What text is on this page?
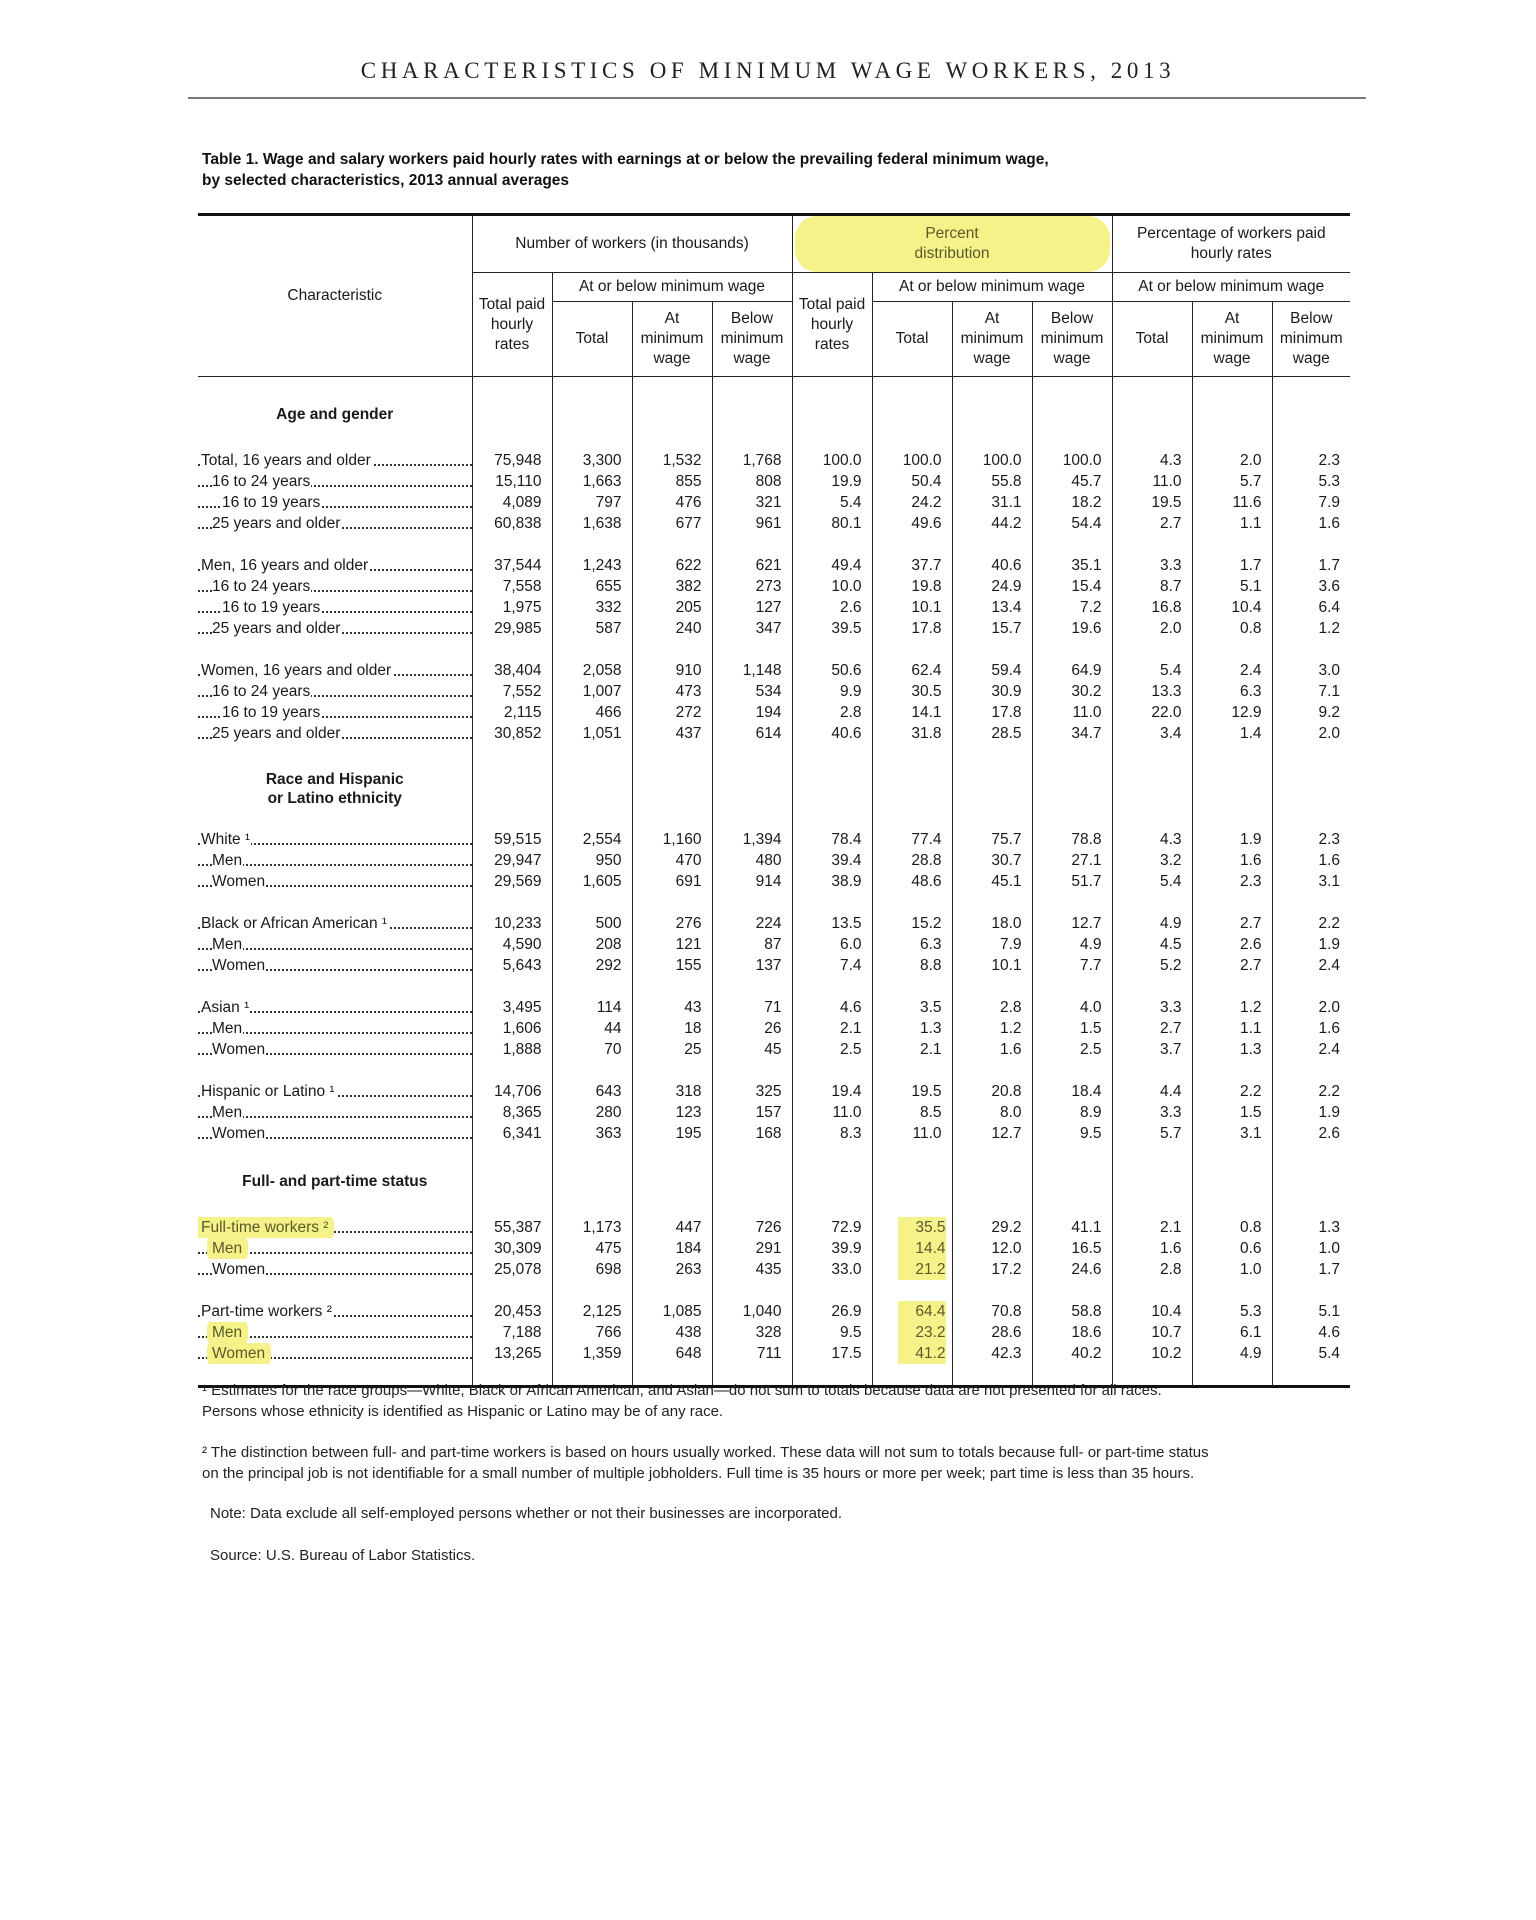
CHARACTERISTICS OF MINIMUM WAGE WORKERS, 2013
Table 1. Wage and salary workers paid hourly rates with earnings at or below the prevailing federal minimum wage,
by selected characteristics, 2013 annual averages
Characteristic	Number of workers (in thousands)				Percent distribution				Percentage of workers paid hourly rates		
	Total paid hourly rates	At or below minimum wage			Total paid hourly rates	At or below minimum wage			At or below minimum wage		
		Total	At minimum wage	Below minimum wage		Total	At minimum wage	Below minimum wage	Total	At minimum wage	Below minimum wage

Age and gender											

Total, 16 years and older	75,948	3,300	1,532	1,768	100.0	100.0	100.0	100.0	4.3	2.0	2.3
16 to 24 years	15,110	1,663	855	808	19.9	50.4	55.8	45.7	11.0	5.7	5.3
16 to 19 years	4,089	797	476	321	5.4	24.2	31.1	18.2	19.5	11.6	7.9
25 years and older	60,838	1,638	677	961	80.1	49.6	44.2	54.4	2.7	1.1	1.6

Men, 16 years and older	37,544	1,243	622	621	49.4	37.7	40.6	35.1	3.3	1.7	1.7
16 to 24 years	7,558	655	382	273	10.0	19.8	24.9	15.4	8.7	5.1	3.6
16 to 19 years	1,975	332	205	127	2.6	10.1	13.4	7.2	16.8	10.4	6.4
25 years and older	29,985	587	240	347	39.5	17.8	15.7	19.6	2.0	0.8	1.2

Women, 16 years and older	38,404	2,058	910	1,148	50.6	62.4	59.4	64.9	5.4	2.4	3.0
16 to 24 years	7,552	1,007	473	534	9.9	30.5	30.9	30.2	13.3	6.3	7.1
16 to 19 years	2,115	466	272	194	2.8	14.1	17.8	11.0	22.0	12.9	9.2
25 years and older	30,852	1,051	437	614	40.6	31.8	28.5	34.7	3.4	1.4	2.0

Race and Hispanic
or Latino ethnicity											

White ¹	59,515	2,554	1,160	1,394	78.4	77.4	75.7	78.8	4.3	1.9	2.3
Men	29,947	950	470	480	39.4	28.8	30.7	27.1	3.2	1.6	1.6
Women	29,569	1,605	691	914	38.9	48.6	45.1	51.7	5.4	2.3	3.1

Black or African American ¹	10,233	500	276	224	13.5	15.2	18.0	12.7	4.9	2.7	2.2
Men	4,590	208	121	87	6.0	6.3	7.9	4.9	4.5	2.6	1.9
Women	5,643	292	155	137	7.4	8.8	10.1	7.7	5.2	2.7	2.4

Asian ¹	3,495	114	43	71	4.6	3.5	2.8	4.0	3.3	1.2	2.0
Men	1,606	44	18	26	2.1	1.3	1.2	1.5	2.7	1.1	1.6
Women	1,888	70	25	45	2.5	2.1	1.6	2.5	3.7	1.3	2.4

Hispanic or Latino ¹	14,706	643	318	325	19.4	19.5	20.8	18.4	4.4	2.2	2.2
Men	8,365	280	123	157	11.0	8.5	8.0	8.9	3.3	1.5	1.9
Women	6,341	363	195	168	8.3	11.0	12.7	9.5	5.7	3.1	2.6

Full- and part-time status											

Full-time workers ²	55,387	1,173	447	726	72.9	35.5	29.2	41.1	2.1	0.8	1.3
Men	30,309	475	184	291	39.9	14.4	12.0	16.5	1.6	0.6	1.0
Women	25,078	698	263	435	33.0	21.2	17.2	24.6	2.8	1.0	1.7

Part-time workers ²	20,453	2,125	1,085	1,040	26.9	64.4	70.8	58.8	10.4	5.3	5.1
Men	7,188	766	438	328	9.5	23.2	28.6	18.6	10.7	6.1	4.6
Women	13,265	1,359	648	711	17.5	41.2	42.3	40.2	10.2	4.9	5.4

¹ Estimates for the race groups—White, Black or African American, and Asian—do not sum to totals because data are not presented for all races.
Persons whose ethnicity is identified as Hispanic or Latino may be of any race.
² The distinction between full- and part-time workers is based on hours usually worked. These data will not sum to totals because full- or part-time status
on the principal job is not identifiable for a small number of multiple jobholders. Full time is 35 hours or more per week; part time is less than 35 hours.
Note: Data exclude all self-employed persons whether or not their businesses are incorporated.
Source: U.S. Bureau of Labor Statistics.
